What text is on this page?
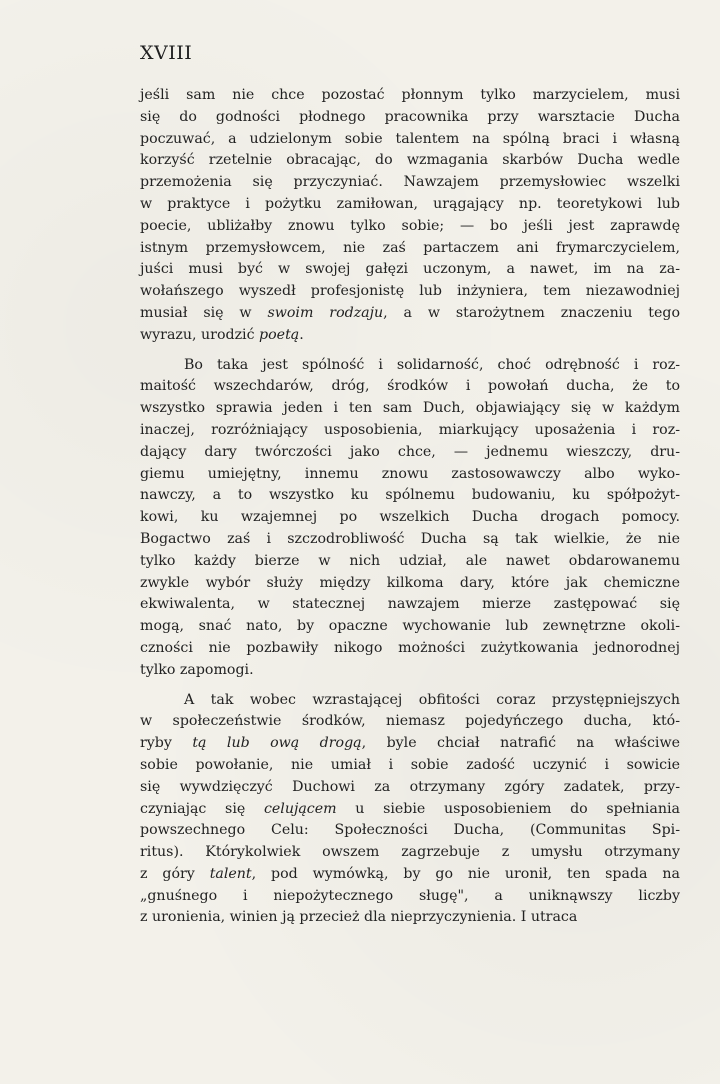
XVIII
jeśli sam nie chce pozostać płonnym tylko marzycielem, musi
się do godności płodnego pracownika przy warsztacie Ducha
poczuwać, a udzielonym sobie talentem na spólną braci i własną
korzyść rzetelnie obracając, do wzmagania skarbów Ducha wedle
przemożenia się przyczyniać. Nawzajem przemysłowiec wszelki
w praktyce i pożytku zamiłowan, urągający np. teoretykowi lub
poecie, ubliżałby znowu tylko sobie; — bo jeśli jest zaprawdę
istnym przemysłowcem, nie zaś partaczem ani frymarczycielem,
juści musi być w swojej gałęzi uczonym, a nawet, im na za-
wołańszego wyszedł profesjonistę lub inżyniera, tem niezawodniej
musiał się w swoim rodzaju, a w starożytnem znaczeniu tego
wyrazu, urodzić poetą.
Bo taka jest spólność i solidarność, choć odrębność i roz-
maitość wszechdarów, dróg, środków i powołań ducha, że to
wszystko sprawia jeden i ten sam Duch, objawiający się w każdym
inaczej, rozróżniający usposobienia, miarkujący uposażenia i roz-
dający dary twórczości jako chce, — jednemu wieszczy, dru-
giemu umiejętny, innemu znowu zastosowawczy albo wyko-
nawczy, a to wszystko ku spólnemu budowaniu, ku spółpożyt-
kowi, ku wzajemnej po wszelkich Ducha drogach pomocy.
Bogactwo zaś i szczodrobliwość Ducha są tak wielkie, że nie
tylko każdy bierze w nich udział, ale nawet obdarowanemu
zwykle wybór służy między kilkoma dary, które jak chemiczne
ekwiwalenta, w statecznej nawzajem mierze zastępować się
mogą, snać nato, by opaczne wychowanie lub zewnętrzne okoli-
czności nie pozbawiły nikogo możności zużytkowania jednorodnej
tylko zapomogi.
A tak wobec wzrastającej obfitości coraz przystępniejszych
w społeczeństwie środków, niemasz pojedyńczego ducha, któ-
ryby tą lub ową drogą, byle chciał natrafić na właściwe
sobie powołanie, nie umiał i sobie zadość uczynić i sowicie
się wywdzięczyć Duchowi za otrzymany zgóry zadatek, przy-
czyniając się celującem u siebie usposobieniem do spełniania
powszechnego Celu: Społeczności Ducha, (Communitas Spi-
ritus). Którykolwiek owszem zagrzebuje z umysłu otrzymany
z góry talent, pod wymówką, by go nie uronił, ten spada na
„gnuśnego i niepożytecznego sługę", a uniknąwszy liczby
z uronienia, winien ją przecież dla nieprzyczynienia. I utraca
